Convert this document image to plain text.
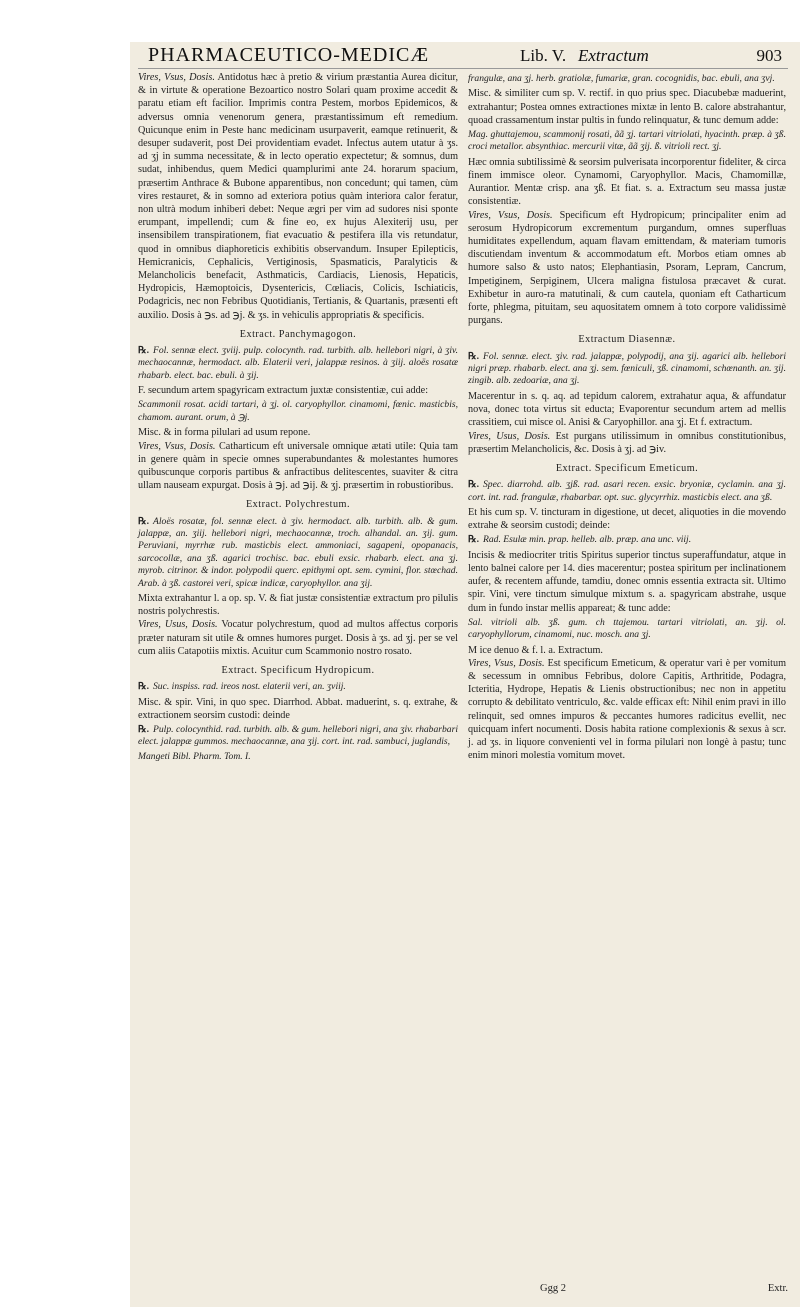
PHARMACEUTICO-MEDICÆ	Lib. V. Extractum	903

Vires, Vsus, Dosis. Antidotus hæc à pretio & virium præstantia Aurea dicitur, & in virtute & operatione Bezoartico nostro Solari quam proxime accedit & paratu etiam eft facilior. Imprimis contra Pestem, morbos Epidemicos, & adversus omnia venenorum genera, præstantissimum eft remedium. Quicunque enim in Peste hanc medicinam usurpaverit, eamque retinuerit, & desuper sudaverit, post Dei providentiam evadet. Infectus autem utatur à ʒs. ad ʒj in summa necessitate, & in lecto operatio expectetur; & somnus, dum sudat, inhibendus, quem Medici quamplurimi ante 24. horarum spacium, præsertim Anthrace & Bubone apparentibus, non concedunt; qui tamen, cùm vires restauret, & in somno ad exteriora potius quàm interiora calor feratur, non ultrà modum inhiberi debet: Neque ægri per vim ad sudores nisi sponte erumpant, impellendi; cum & fine eo, ex hujus Alexiterij usu, per insensibilem transpirationem, fiat evacuatio & pestifera illa vis retundatur, quod in omnibus diaphoreticis exhibitis observandum. Insuper Epilepticis, Hemicranicis, Cephalicis, Vertiginosis, Spasmaticis, Paralyticis & Melancholicis benefacit, Asthmaticis, Cardiacis, Lienosis, Hepaticis, Hydropicis, Hæmoptoicis, Dysentericis, Cœliacis, Colicis, Ischiaticis, Podagricis, nec non Febribus Quotidianis, Tertianis, & Quartanis, præsenti eft auxilio. Dosis à ℈s. ad ℈j. & ʒs. in vehiculis appropriatis & specificis.

Extract. Panchymagogon.

℞. Fol. sennæ elect. ʒviij. pulp. colocynth. rad. turbith. alb. hellebori nigri, à ʒiv. mechaocannæ, hermodact. alb. Elaterii veri, jalappæ resinos. à ʒiij. aloës rosatæ rhabarb. elect. bac. ebuli. à ʒij.

F. secundum artem spagyricam extractum juxtæ consistentiæ, cui adde:

Scammonii rosat. acidi tartari, à ʒj. ol. caryophyllor. cinamomi, fœnic. masticbis, chamom. aurant. orum, à ℈j.

Misc. & in forma pilulari ad usum repone.

Vires, Vsus, Dosis. Catharticum eft universale omnique ætati utile: Quia tam in genere quàm in specie omnes superabundantes & molestantes humores quibuscunque corporis partibus & anfractibus delitescentes, suaviter & citra ullam nauseam expurgat. Dosis à ℈j. ad ℈ij. & ʒj. præsertim in robustioribus.

Extract. Polychrestum.

℞. Aloës rosatæ, fol. sennæ elect. à ʒiv. hermodact. alb. turbith. alb. & gum. jalappæ, an. ʒiij. hellebori nigri, mechaocannæ, troch. alhandal. an. ʒij. gum. Peruviani, myrrhæ rub. masticbis elect. ammoniaci, sagapeni, opopanacis, sarcocollæ, ana ʒß. agarici trochisc. bac. ebuli exsic. rhabarb. elect. ana ʒj. myrob. citrinor. & indor. polypodii querc. epithymi opt. sem. cymini, flor. stœchad. Arab. à ʒß. castorei veri, spicæ indicæ, caryophyllor. ana ʒij.

Mixta extrahantur l. a op. sp. V. & fiat justæ consistentiæ extractum pro pilulis nostris polychrestis.

Vires, Usus, Dosis. Vocatur polychrestum, quod ad multos affectus corporis præter naturam sit utile & omnes humores purget. Dosis à ʒs. ad ʒj. per se vel cum aliis Catapotiis mixtis. Acuitur cum Scammonio nostro rosato.

Extract. Specificum Hydropicum.

℞. Suc. inspiss. rad. ireos nost. elaterii veri, an. ʒviij.

Misc. & spir. Vini, in quo spec. Diarrhod. Abbat. maduerint, s. q. extrahe, & extractionem seorsim custodi: deinde

℞. Pulp. colocynthid. rad. turbith. alb. & gum. hellebori nigri, ana ʒiv. rhabarbari elect. jalappæ gummos. mechaocannæ, ana ʒij. cort. int. rad. sambuci, juglandis,

Mangeti Bibl. Pharm. Tom. I.

frangulæ, ana ʒj. herb. gratiolæ, fumariæ, gran. cocognidis, bac. ebuli, ana ʒvj.

Misc. & similiter cum sp. V. rectif. in quo prius spec. Diacubebæ maduerint, extrahantur; Postea omnes extractiones mixtæ in lento B. calore abstrahantur, quoad crassamentum instar pultis in fundo relinquatur, & tunc demum adde:

Mag. ghuttajemou, scammonij rosati, ãã ʒj. tartari vitriolati, hyacinth. præp. à ʒß. croci metallor. absynthiac. mercurii vitæ, ãã ʒij. ß. vitrioli rect. ʒj.

Hæc omnia subtilissimè & seorsim pulverisata incorporentur fideliter, & circa finem immisce oleor. Cynamomi, Caryophyllor. Macis, Chamomillæ, Aurantior. Mentæ crisp. ana ʒß. Et fiat. s. a. Extractum seu massa justæ consistentiæ.

Vires, Vsus, Dosis. Specificum eft Hydropicum; principaliter enim ad serosum Hydropicorum excrementum purgandum, omnes superfluas humiditates expellendum, aquam flavam emittendam, & materiam tumoris discutiendam inventum & accommodatum eft. Morbos etiam omnes ab humore salso & usto natos; Elephantiasin, Psoram, Lepram, Cancrum, Impetiginem, Serpiginem, Ulcera maligna fistulosa præcavet & curat. Exhibetur in auro-ra matutinali, & cum cautela, quoniam eft Catharticum forte, phlegma, pituitam, seu aquositatem omnem à toto corpore validissimè purgans.

Extractum Diasennæ.

℞. Fol. sennæ. elect. ʒiv. rad. jalappæ, polypodij, ana ʒij. agarici alb. hellebori nigri præp. rhabarb. elect. ana ʒj. sem. fœniculi, ʒß. cinamomi, schœnanth. an. ʒij. zingib. alb. zedoariæ, ana ʒj.

Macerentur in s. q. aq. ad tepidum calorem, extrahatur aqua, & affundatur nova, donec tota virtus sit educta; Evaporentur secundum artem ad mellis crassitiem, cui misce ol. Anisi & Caryophillor. ana ʒj. Et f. extractum.

Vires, Usus, Dosis. Est purgans utilissimum in omnibus constitutionibus, præsertim Melancholicis, &c. Dosis à ʒj. ad ℈iv.

Extract. Specificum Emeticum.

℞. Spec. diarrohd. alb. ʒjß. rad. asari recen. exsic. bryoniæ, cyclamin. ana ʒj. cort. int. rad. frangulæ, rhabarbar. opt. suc. glycyrrhiz. masticbis elect. ana ʒß.

Et his cum sp. V. tincturam in digestione, ut decet, aliquoties in die movendo extrahe & seorsim custodi; deinde:

℞. Rad. Esulæ min. prap. helleb. alb. præp. ana unc. viij.

Incisis & mediocriter tritis Spiritus superior tinctus superaffundatur, atque in lento balnei calore per 14. dies macerentur; postea spiritum per inclinationem aufer, & recentem affunde, tamdiu, donec omnis essentia extracta sit. Ultimo spir. Vini, vere tinctum simulque mixtum s. a. spagyricam abstrahe, usque dum in fundo instar mellis appareat; & tunc adde:

Sal. vitrioli alb. ʒß. gum. ch ttajemou. tartari vitriolati, an. ʒij. ol. caryophyllorum, cinamomi, nuc. mosch. ana ʒj.

M ice denuo & f. l. a. Extractum.

Vires, Vsus, Dosis. Est specificum Emeticum, & operatur vari è per vomitum & secessum in omnibus Febribus, dolore Capitis, Arthritide, Podagra, Icteritia, Hydrope, Hepatis & Lienis obstructionibus; nec non in appetitu corrupto & debilitato ventriculo, &c. valde efficax eft: Nihil enim pravi in illo relinquit, sed omnes impuros & peccantes humores radicitus evellit, nec quicquam infert nocumenti. Dosis habita ratione complexionis & sexus à scr. j. ad ʒs. in liquore convenienti vel in forma pilulari non longè à pastu; tunc enim minori molestia vomitum movet.

Ggg 2	Extr.
